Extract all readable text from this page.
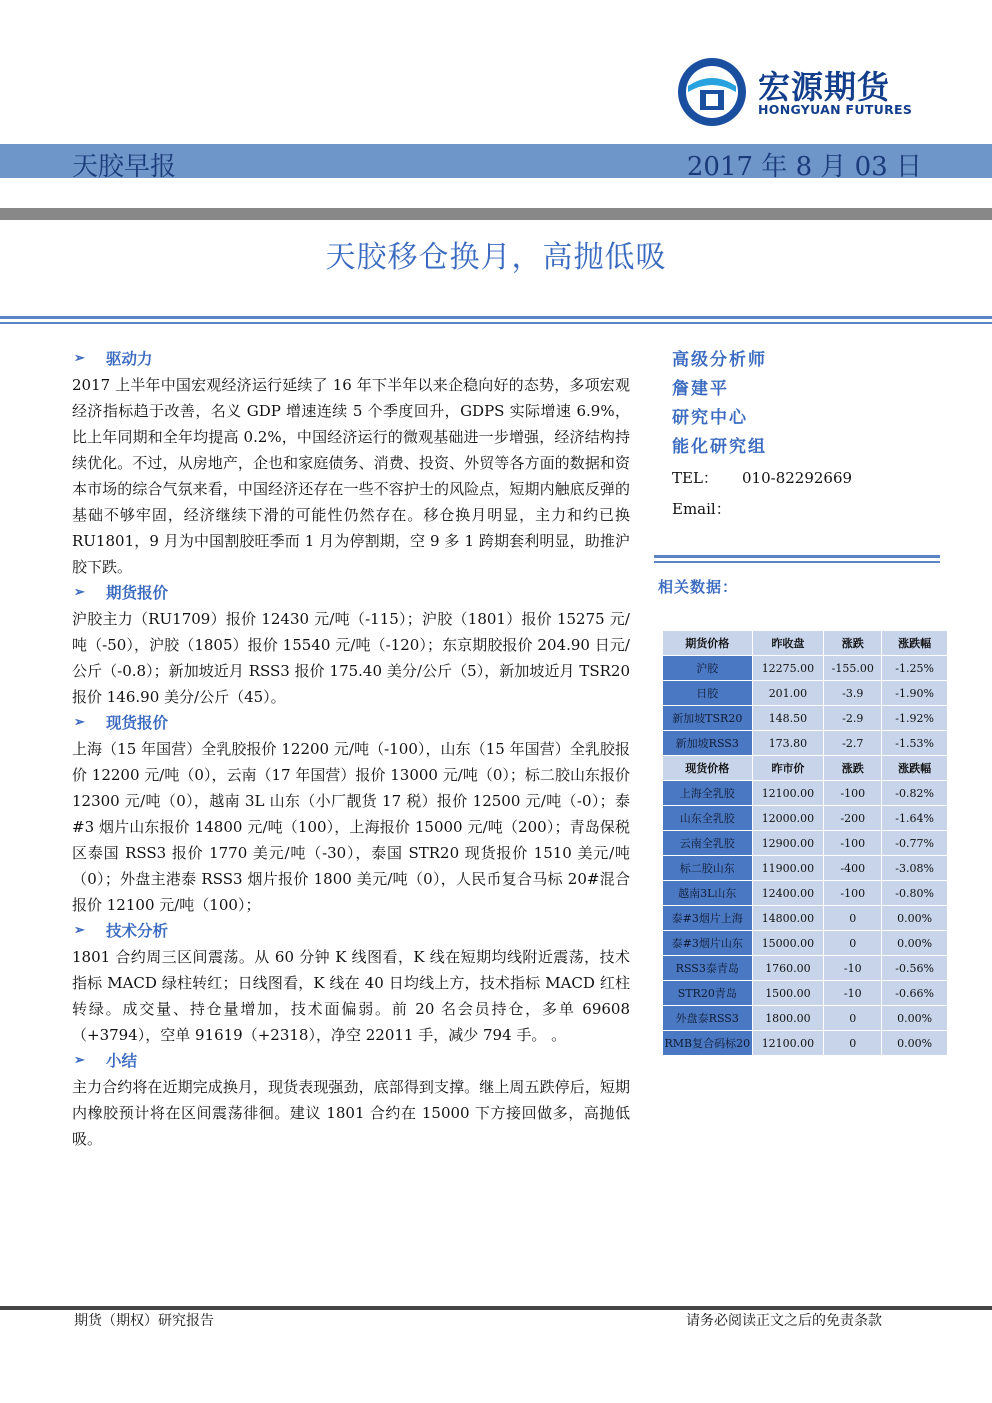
宏源期货
HONGYUAN FUTURES
天胶早报	2017 年 8 月 03 日
天胶移仓换月，高抛低吸
➢	驱动力
2017 上半年中国宏观经济运行延续了 16 年下半年以来企稳向好的态势，多项宏观经济指标趋于改善，名义 GDP 增速连续 5 个季度回升，GDPS 实际增速 6.9%，比上年同期和全年均提高 0.2%，中国经济运行的微观基础进一步增强，经济结构持续优化。不过，从房地产，企也和家庭债务、消费、投资、外贸等各方面的数据和资本市场的综合气氛来看，中国经济还存在一些不容护士的风险点，短期内触底反弹的基础不够牢固，经济继续下滑的可能性仍然存在。移仓换月明显，主力和约已换 RU1801，9 月为中国割胶旺季而 1 月为停割期，空 9 多 1 跨期套利明显，助推沪胶下跌。
➢	期货报价
沪胶主力（RU1709）报价 12430 元/吨（-115）；沪胶（1801）报价 15275 元/吨（-50），沪胶（1805）报价 15540 元/吨（-120）；东京期胶报价 204.90 日元/公斤（-0.8）；新加坡近月 RSS3 报价 175.40 美分/公斤（5），新加坡近月 TSR20 报价 146.90 美分/公斤（45）。
➢	现货报价
上海（15 年国营）全乳胶报价 12200 元/吨（-100），山东（15 年国营）全乳胶报价 12200 元/吨（0），云南（17 年国营）报价 13000 元/吨（0）；标二胶山东报价 12300 元/吨（0），越南 3L 山东（小厂靓货 17 税）报价 12500 元/吨（-0）；泰#3 烟片山东报价 14800 元/吨（100），上海报价 15000 元/吨（200）；青岛保税区泰国 RSS3 报价 1770 美元/吨（-30），泰国 STR20 现货报价 1510 美元/吨（0）；外盘主港泰 RSS3 烟片报价 1800 美元/吨（0），人民币复合马标 20#混合报价 12100 元/吨（100）；
➢	技术分析
1801 合约周三区间震荡。从 60 分钟 K 线图看，K 线在短期均线附近震荡，技术指标 MACD 绿柱转红；日线图看，K 线在 40 日均线上方，技术指标 MACD 红柱转绿。成交量、持仓量增加，技术面偏弱。前 20 名会员持仓，多单 69608（+3794），空单 91619（+2318），净空 22011 手，减少 794 手。 。
➢	小结
主力合约将在近期完成换月，现货表现强劲，底部得到支撑。继上周五跌停后，短期内橡胶预计将在区间震荡徘徊。建议 1801 合约在 15000 下方接回做多，高抛低吸。
高级分析师
詹建平
研究中心
能化研究组
TEL： 010-82292669
Email：
相关数据：
期货价格	昨收盘	涨跌	涨跌幅
沪胶	12275.00	-155.00	-1.25%
日胶	201.00	-3.9	-1.90%
新加坡TSR20	148.50	-2.9	-1.92%
新加坡RSS3	173.80	-2.7	-1.53%
现货价格	昨市价	涨跌	涨跌幅
上海全乳胶	12100.00	-100	-0.82%
山东全乳胶	12000.00	-200	-1.64%
云南全乳胶	12900.00	-100	-0.77%
标二胶山东	11900.00	-400	-3.08%
越南3L山东	12400.00	-100	-0.80%
泰#3烟片上海	14800.00	0	0.00%
泰#3烟片山东	15000.00	0	0.00%
RSS3泰青岛	1760.00	-10	-0.56%
STR20青岛	1500.00	-10	-0.66%
外盘泰RSS3	1800.00	0	0.00%
RMB复合码标20	12100.00	0	0.00%
期货（期权）研究报告	请务必阅读正文之后的免责条款
